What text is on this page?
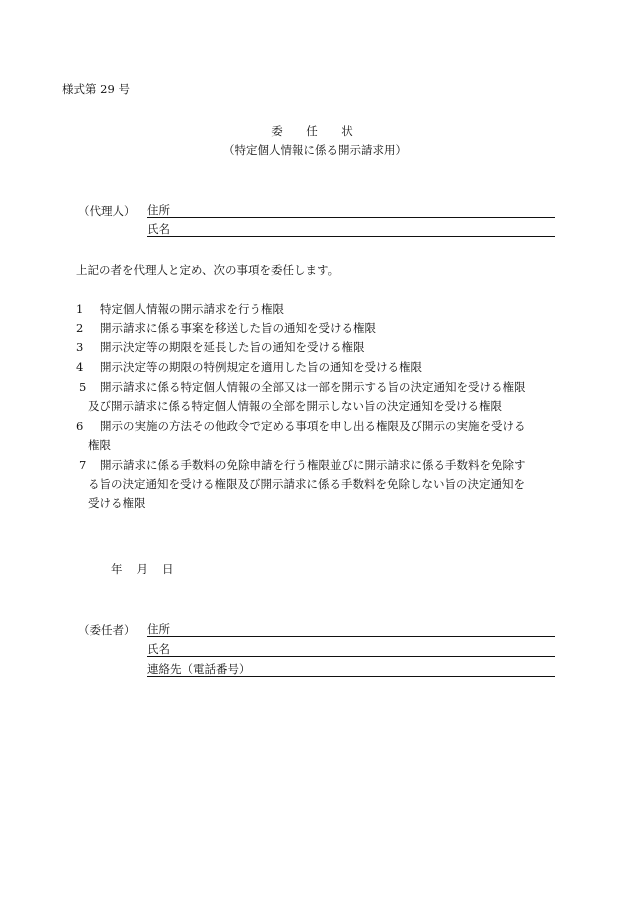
様式第 29 号
委　任　状
（特定個人情報に係る開示請求用）
（代理人） 住所
氏名
上記の者を代理人と定め、次の事項を委任します。
1	特定個人情報の開示請求を行う権限
2	開示請求に係る事案を移送した旨の通知を受ける権限
3	開示決定等の期限を延長した旨の通知を受ける権限
4	開示決定等の期限の特例規定を適用した旨の通知を受ける権限
5	開示請求に係る特定個人情報の全部又は一部を開示する旨の決定通知を受ける権限
及び開示請求に係る特定個人情報の全部を開示しない旨の決定通知を受ける権限
6	開示の実施の方法その他政令で定める事項を申し出る権限及び開示の実施を受ける
権限
7	開示請求に係る手数料の免除申請を行う権限並びに開示請求に係る手数料を免除す
る旨の決定通知を受ける権限及び開示請求に係る手数料を免除しない旨の決定通知を
受ける権限
年 月 日
（委任者） 住所
氏名
連絡先（電話番号）
